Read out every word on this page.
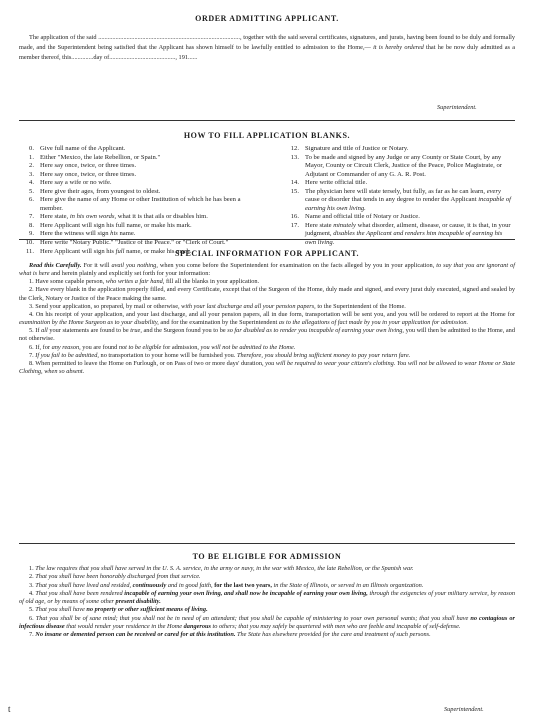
ORDER ADMITTING APPLICANT.
The application of the said .........................................................................................., together with the said several certificates, signatures, and jurats, having been found to be duly and formally made, and the Superintendent being satisfied that the Applicant has shown himself to be lawfully entitled to admission to the Home,— it is hereby ordered that he be now duly admitted as a member thereof, this..............day of.........................................., 191......
Superintendent.
HOW TO FILL APPLICATION BLANKS.
0. Give full name of the Applicant.
1. Either "Mexico, the late Rebellion, or Spain."
2. Here say once, twice, or three times.
3. Here say once, twice, or three times.
4. Here say a wife or no wife.
5. Here give their ages, from youngest to oldest.
6. Here give the name of any Home or other Institution of which he has been a member.
7. Here state, in his own words, what it is that ails or disables him.
8. Here Applicant will sign his full name, or make his mark.
9. Here the witness will sign his name.
10. Here write "Notary Public." "Justice of the Peace." or "Clerk of Court."
11. Here Applicant will sign his full name, or make his mark.
12. Signature and title of Justice or Notary.
13. To be made and signed by any Judge or any County or State Court, by any Mayor, County or Circuit Clerk, Justice of the Peace, Police Magistrate, or Adjutant or Commander of any G. A. R. Post.
14. Here write official title.
15. The physician here will state tersely, but fully, as far as he can learn, every cause or disorder that tends in any degree to render the Applicant incapable of earning his own living.
16. Name and official title of Notary or Justice.
17. Here state minutely what disorder, ailment, disease, or cause, it is that, in your judgment, disables the Applicant and renders him incapable of earning his own living.
SPECIAL INFORMATION FOR APPLICANT.

Read this Carefully. For it will avail you nothing, when you come before the Superintendent for examination on the facts alleged by you in your application, to say that you are ignorant of what is here and herein plainly and explicitly set forth for your information:

1. Have some capable person, who writes a fair hand, fill all the blanks in your application.

2. Have every blank in the application properly filled, and every Certificate, except that of the Surgeon of the Home, duly made and signed, and every jurat duly executed, signed and sealed by the Clerk, Notary or Justice of the Peace making the same.

3. Send your application, so prepared, by mail or otherwise, with your last discharge and all your pension papers, to the Superintendent of the Home.

4. On his receipt of your application, and your last discharge, and all your pension papers, all in due form, transportation will be sent you, and you will be ordered to report at the Home for examination by the Home Surgeon as to your disability, and for the examination by the Superintendent as to the allegations of fact made by you in your application for admission.

5. If all your statements are found to be true, and the Surgeon found you to be so far disabled as to render you incapable of earning your own living, you will then be admitted to the Home, and not otherwise.

6. If, for any reason, you are found not to be eligible for admission, you will not be admitted to the Home.

7. If you fail to be admitted, no transportation to your home will be furnished you. Therefore, you should bring sufficient money to pay your return fare.

8. When permitted to leave the Home on Furlough, or on Pass of two or more days' duration, you will be required to wear your citizen's clothing. You will not be allowed to wear Home or State Clothing, when so absent.

TO BE ELIGIBLE FOR ADMISSION

1. The law requires that you shall have served in the U. S. A. service, in the army or navy, in the war with Mexico, the late Rebellion, or the Spanish war.

2. That you shall have been honorably discharged from that service.

3. That you shall have lived and resided, continuously and in good faith, for the last two years, in the State of Illinois, or served in an Illinois organization.

4. That you shall have been rendered incapable of earning your own living, and shall now be incapable of earning your own living, through the exigencies of your military service, by reason of old age, or by means of some other present disability.

5. That you shall have no property or other sufficient means of living.

6. That you shall be of sane mind; that you shall not be in need of an attendant; that you shall be capable of ministering to your own personal wants; that you shall have no contagious or infectious disease that would render your residence in the Home dangerous to others; that you may safely be quartered with men who are feeble and incapable of self-defense.

7. No insane or demented person can be received or cared for at this institution. The State has elsewhere provided for the care and treatment of such persons.

Superintendent.
t
